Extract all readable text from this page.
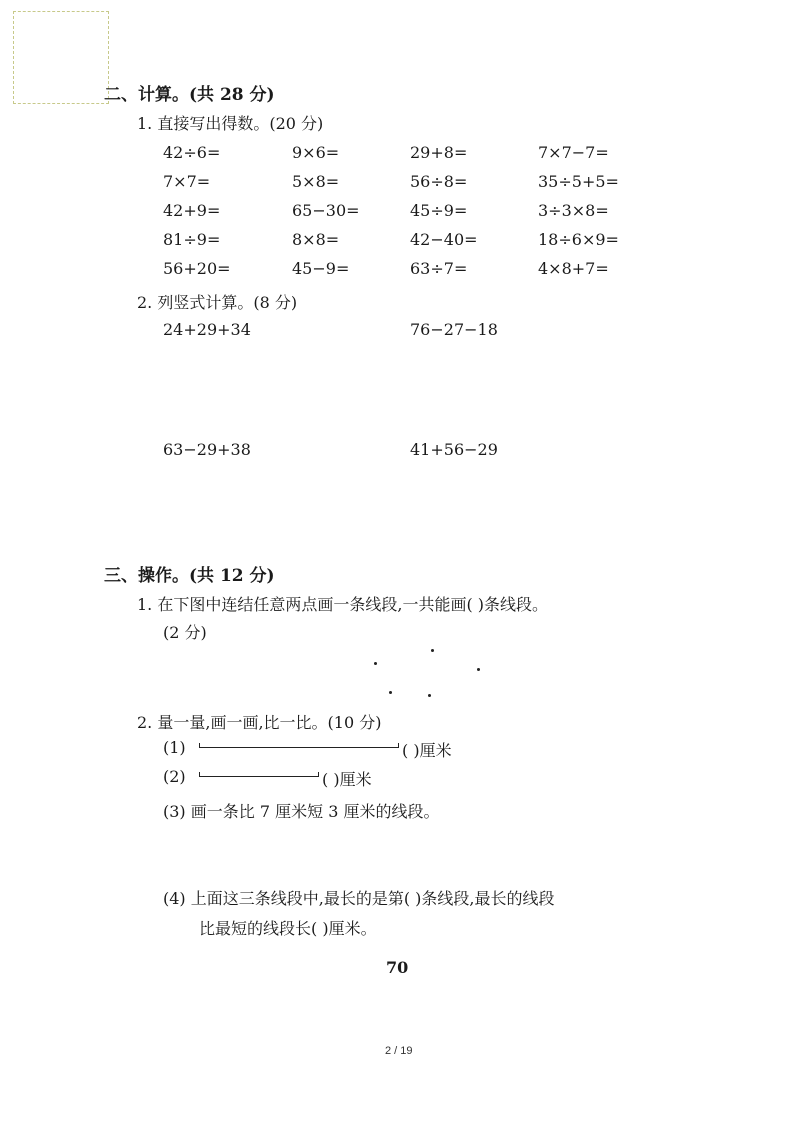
二、计算。(共 28 分)
1. 直接写出得数。(20 分)
42÷6=	9×6=	29+8=	7×7−7=
7×7=	5×8=	56÷8=	35÷5+5=
42+9=	65−30=	45÷9=	3÷3×8=
81÷9=	8×8=	42−40=	18÷6×9=
56+20=	45−9=	63÷7=	4×8+7=
2. 列竖式计算。(8 分)
24+29+34	76−27−18
63−29+38	41+56−29
三、操作。(共 12 分)
1. 在下图中连结任意两点画一条线段,一共能画( )条线段。
(2 分)
2. 量一量,画一画,比一比。(10 分)
(1)	( )厘米
(2)	( )厘米
(3) 画一条比 7 厘米短 3 厘米的线段。
(4) 上面这三条线段中,最长的是第( )条线段,最长的线段
比最短的线段长( )厘米。
70
2 / 19
